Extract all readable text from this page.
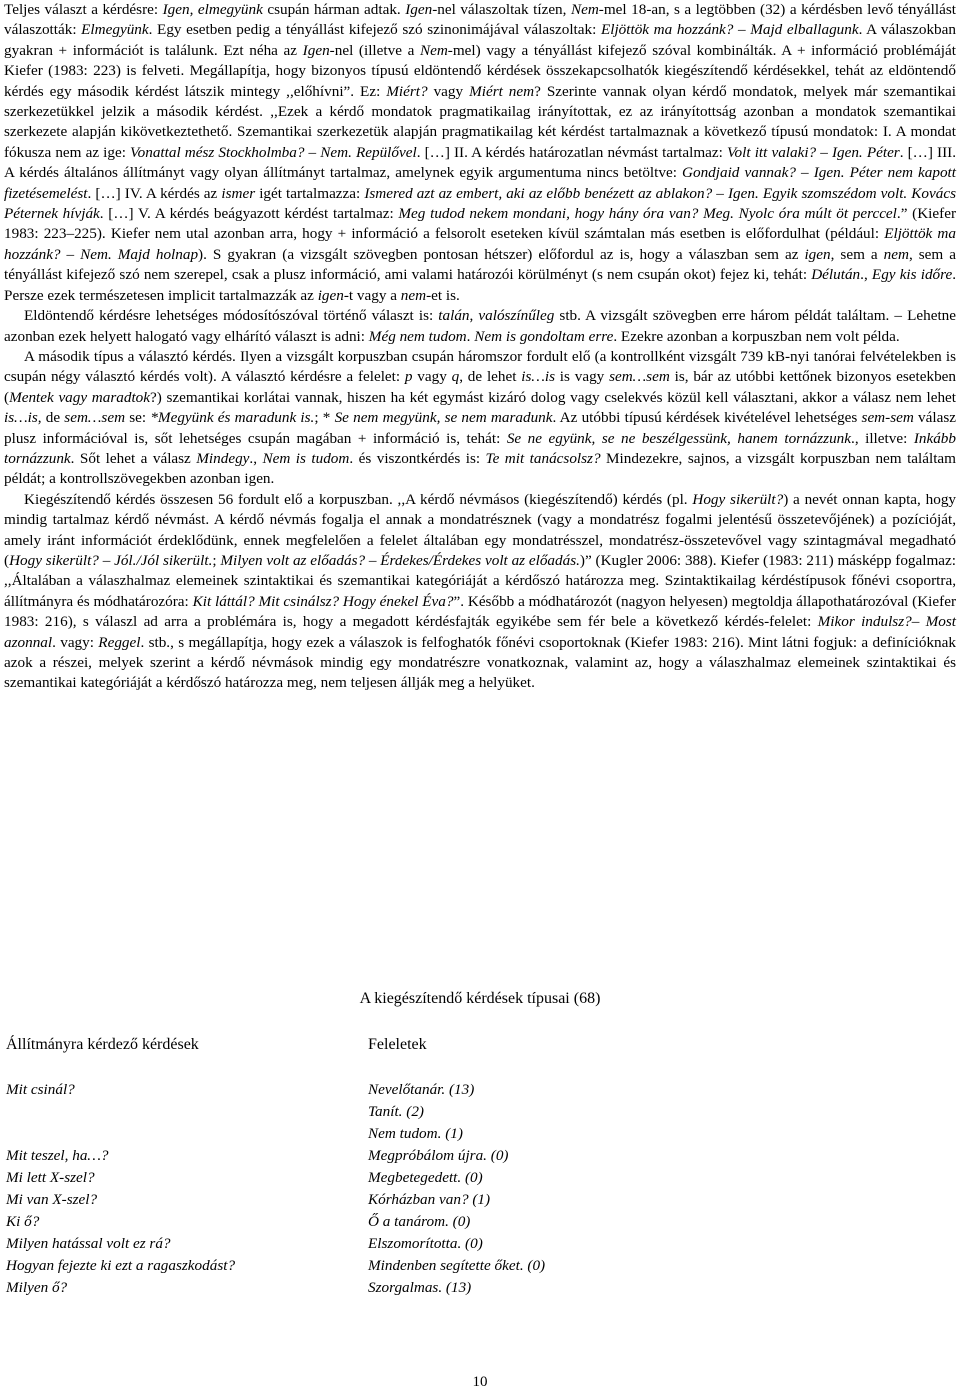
Teljes választ a kérdésre: Igen, elmegyünk csupán hárman adtak. Igen-nel válaszoltak tízen, Nem-mel 18-an, s a legtöbben (32) a kérdésben levő tényállást válaszották: Elmegyünk. Egy esetben pedig a tényállást kifejező szó szinonimájával válaszoltak: Eljöttök ma hozzánk? – Majd elballagunk. A válaszokban gyakran + információt is találunk. Ezt néha az Igen-nel (illetve a Nem-mel) vagy a tényállást kifejező szóval kombinálták. A + információ problémáját Kiefer (1983: 223) is felveti. Megállapítja, hogy bizonyos típusú eldöntendő kérdések összekapcsolhatók kiegészítendő kérdésekkel, tehát az eldöntendő kérdés egy második kérdést látszik mintegy ,,előhívni”. Ez: Miért? vagy Miért nem? Szerinte vannak olyan kérdő mondatok, melyek már szemantikai szerkezetükkel jelzik a második kérdést. ,,Ezek a kérdő mondatok pragmatikailag irányítottak, ez az irányítottság azonban a mondatok szemantikai szerkezete alapján kikövetkeztethető. Szemantikai szerkezetük alapján pragmatikailag két kérdést tartalmaznak a következő típusú mondatok: I. A mondat fókusza nem az ige: Vonattal mész Stockholmba? – Nem. Repülővel. […] II. A kérdés határozatlan névmást tartalmaz: Volt itt valaki? – Igen. Péter. […] III. A kérdés általános állítmányt vagy olyan állítmányt tartalmaz, amelynek egyik argumentuma nincs betöltve: Gondjaid vannak? – Igen. Péter nem kapott fizetésemelést. […] IV. A kérdés az ismer igét tartalmazza: Ismered azt az embert, aki az előbb benézett az ablakon? – Igen. Egyik szomszédom volt. Kovács Péternek hívják. […] V. A kérdés beágyazott kérdést tartalmaz: Meg tudod nekem mondani, hogy hány óra van? Meg. Nyolc óra múlt öt perccel.” (Kiefer 1983: 223–225). Kiefer nem utal azonban arra, hogy + információ a felsorolt eseteken kívül számtalan más esetben is előfordulhat (például: Eljöttök ma hozzánk? – Nem. Majd holnap). S gyakran (a vizsgált szövegben pontosan hétszer) előfordul az is, hogy a válaszban sem az igen, sem a nem, sem a tényállást kifejező szó nem szerepel, csak a plusz információ, ami valami határozói körülményt (s nem csupán okot) fejez ki, tehát: Délután., Egy kis időre. Persze ezek természetesen implicit tartalmazzák az igen-t vagy a nem-et is.

Eldöntendő kérdésre lehetséges módosítószóval történő választ is: talán, valószínűleg stb. A vizsgált szövegben erre három példát találtam. – Lehetne azonban ezek helyett halogató vagy elhárító választ is adni: Még nem tudom. Nem is gondoltam erre. Ezekre azonban a korpuszban nem volt példa.

A második típus a választó kérdés. Ilyen a vizsgált korpuszban csupán háromszor fordult elő (a kontrollként vizsgált 739 kB-nyi tanórai felvételekben is csupán négy választó kérdés volt). A választó kérdésre a felelet: p vagy q, de lehet is…is is vagy sem…sem is, bár az utóbbi kettőnek bizonyos esetekben (Mentek vagy maradtok?) szemantikai korlátai vannak, hiszen ha két egymást kizáró dolog vagy cselekvés közül kell választani, akkor a válasz nem lehet is…is, de sem…sem se: *Megyünk és maradunk is.; * Se nem megyünk, se nem maradunk. Az utóbbi típusú kérdések kivételével lehetséges sem-sem válasz plusz információval is, sőt lehetséges csupán magában + információ is, tehát: Se ne együnk, se ne beszélgessünk, hanem tornázzunk., illetve: Inkább tornázzunk. Sőt lehet a válasz Mindegy., Nem is tudom. és viszontkérdés is: Te mit tanácsolsz? Mindezekre, sajnos, a vizsgált korpuszban nem találtam példát; a kontrollszövegekben azonban igen.

Kiegészítendő kérdés összesen 56 fordult elő a korpuszban. ,,A kérdő névmásos (kiegészítendő) kérdés (pl. Hogy sikerült?) a nevét onnan kapta, hogy mindig tartalmaz kérdő névmást. A kérdő névmás fogalja el annak a mondatrésznek (vagy a mondatrész fogalmi jelentésű összetevőjének) a pozícióját, amely iránt információt érdeklődünk, ennek megfelelően a felelet általában egy mondatrésszel, mondatrész-összetevővel vagy szintagmával megadható (Hogy sikerült? – Jól./Jól sikerült.; Milyen volt az előadás? – Érdekes/Érdekes volt az előadás.)” (Kugler 2006: 388). Kiefer (1983: 211) másképp fogalmaz: ,,Általában a válaszhalmaz elemeinek szintaktikai és szemantikai kategóriáját a kérdőszó határozza meg. Szintaktikailag kérdéstípusok főnévi csoportra, állítmányra és módhatározóra: Kit láttál? Mit csinálsz? Hogy énekel Éva?”. Később a módhatározót (nagyon helyesen) megtoldja állapothatározóval (Kiefer 1983: 216), s válaszl ad arra a problémára is, hogy a megadott kérdésfajták egyikébe sem fér bele a következő kérdés-felelet: Mikor indulsz?– Most azonnal. vagy: Reggel. stb., s megállapítja, hogy ezek a válaszok is felfoghatók főnévi csoportoknak (Kiefer 1983: 216). Mint látni fogjuk: a definícióknak azok a részei, melyek szerint a kérdő névmások mindig egy mondatrészre vonatkoznak, valamint az, hogy a válaszhalmaz elemeinek szintaktikai és szemantikai kategóriáját a kérdőszó határozza meg, nem teljesen állják meg a helyüket.

A kiegészítendő kérdések típusai (68)
Állítmányra kérdező kérdések	Feleletek
Mit csinál?	Nevelőtanár. (13)
Tanít. (2)
Nem tudom. (1)
Mit teszel, ha…?	Megpróbálom újra. (0)
Mi lett X-szel?	Megbetegedett. (0)
Mi van X-szel?	Kórházban van? (1)
Ki ő?	Ő a tanárom. (0)
Milyen hatással volt ez rá?	Elszomorította. (0)
Hogyan fejezte ki ezt a ragaszkodást?	Mindenben segítette őket. (0)
Milyen ő?	Szorgalmas. (13)
10
